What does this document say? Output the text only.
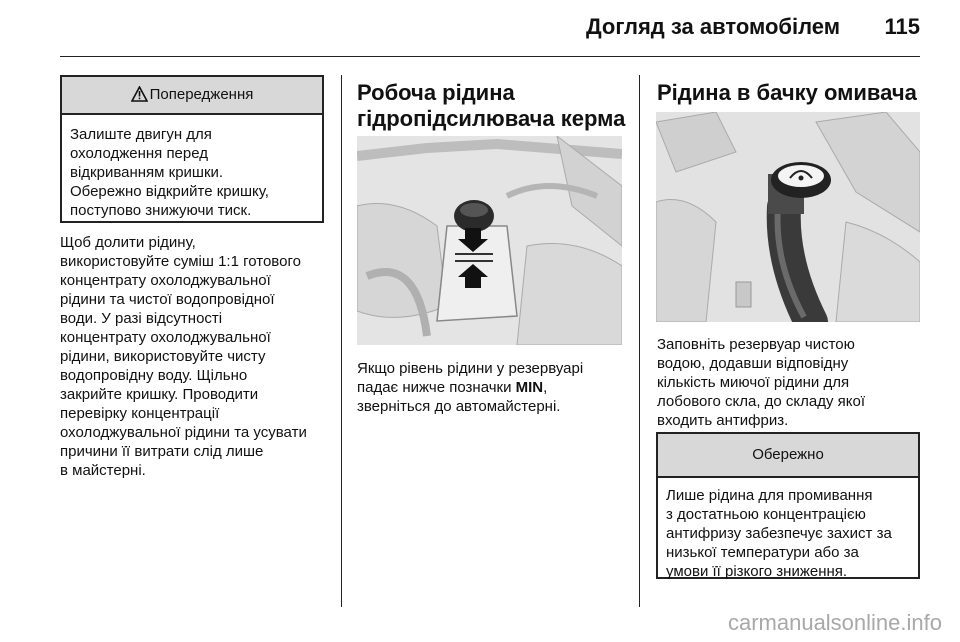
Догляд за автомобілем 115
Попередження
Залиште двигун для
охолодження перед
відкриванням кришки.
Обережно відкрийте кришку,
поступово знижуючи тиск.
Щоб долити рідину,
використовуйте суміш 1:1 готового
концентрату охолоджувальної
рідини та чистої водопровідної
води. У разі відсутності
концентрату охолоджувальної
рідини, використовуйте чисту
водопровідну воду. Щільно
закрийте кришку. Проводити
перевірку концентрації
охолоджувальної рідини та усувати
причини її витрати слід лише
в майстерні.
Робоча рідина
гідропідсилювача керма
Якщо рівень рідини у резервуарі
падає нижче позначки MIN,
зверніться до автомайстерні.
Рідина в бачку омивача
Заповніть резервуар чистою
водою, додавши відповідну
кількість миючої рідини для
лобового скла, до складу якої
входить антифриз.
Обережно
Лише рідина для промивання
з достатньою концентрацією
антифризу забезпечує захист за
низької температури або за
умови її різкого зниження.
carmanualsonline.info
